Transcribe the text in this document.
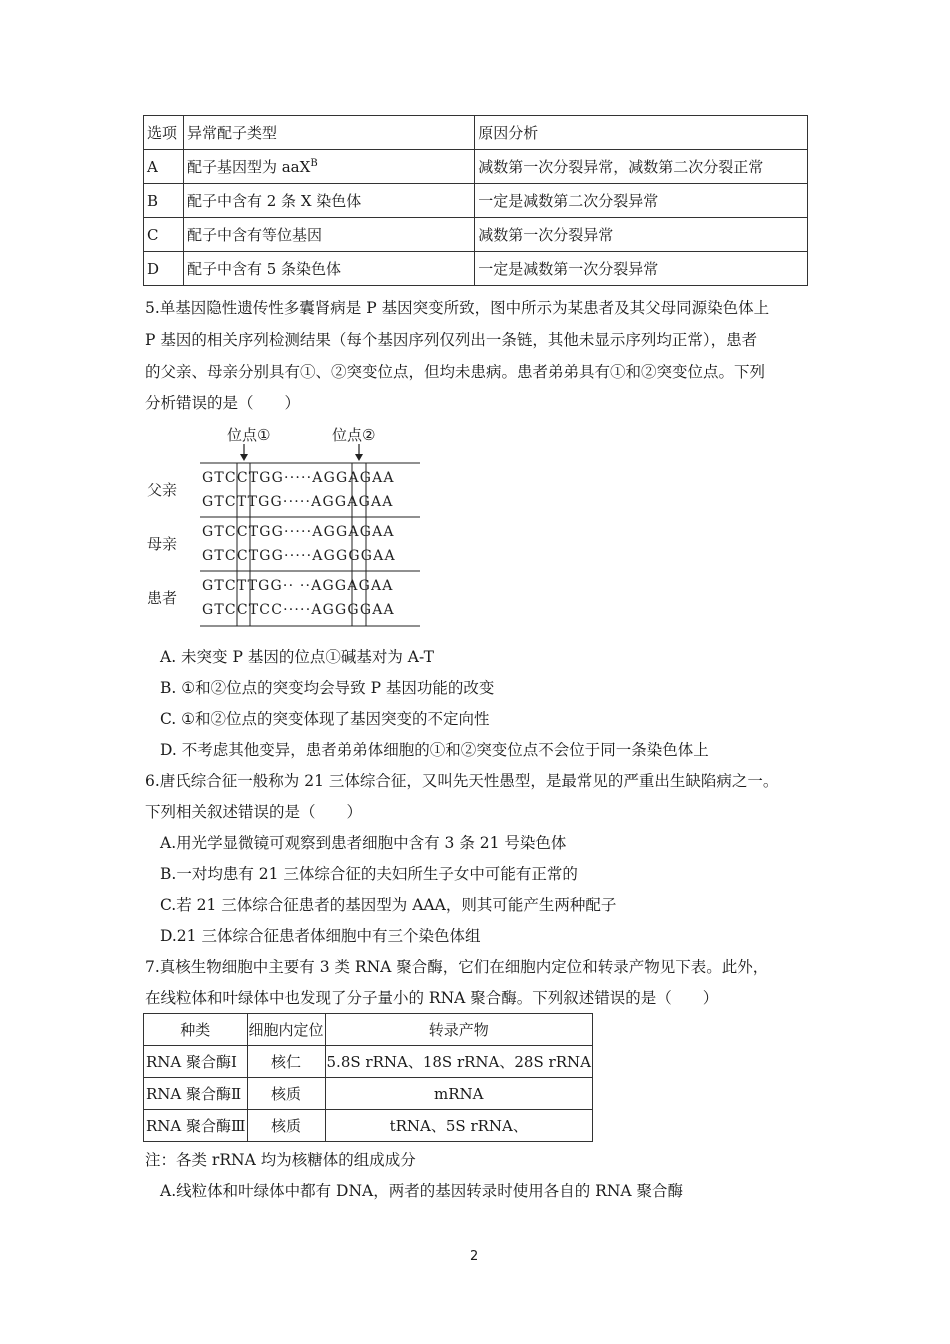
选项	异常配子类型	原因分析
A	配子基因型为 aaX$^B$	减数第一次分裂异常，减数第二次分裂正常
B	配子中含有 2 条 X 染色体	一定是减数第二次分裂异常
C	配子中含有等位基因	减数第一次分裂异常
D	配子中含有 5 条染色体	一定是减数第一次分裂异常
5.单基因隐性遗传性多囊肾病是 P 基因突变所致，图中所示为某患者及其父母同源染色体上
P 基因的相关序列检测结果（每个基因序列仅列出一条链，其他未显示序列均正常），患者
的父亲、母亲分别具有①、②突变位点，但均未患病。患者弟弟具有①和②突变位点。下列
分析错误的是（　　）
位点①	位点②
父亲
GTCCTGG·····AGGAGAA
GTCTTGG·····AGGAGAA
母亲
GTCCTGG·····AGGAGAA
GTCCTGG·····AGGGGAA
患者
GTCTTGG·· ··AGGAGAA
GTCCTCC·····AGGGGAA
A. 未突变 P 基因的位点①碱基对为 A-T
B. ①和②位点的突变均会导致 P 基因功能的改变
C. ①和②位点的突变体现了基因突变的不定向性
D. 不考虑其他变异，患者弟弟体细胞的①和②突变位点不会位于同一条染色体上
6.唐氏综合征一般称为 21 三体综合征，又叫先天性愚型，是最常见的严重出生缺陷病之一。
下列相关叙述错误的是（　　）
A.用光学显微镜可观察到患者细胞中含有 3 条 21 号染色体
B.一对均患有 21 三体综合征的夫妇所生子女中可能有正常的
C.若 21 三体综合征患者的基因型为 AAA，则其可能产生两种配子
D.21 三体综合征患者体细胞中有三个染色体组
7.真核生物细胞中主要有 3 类 RNA 聚合酶，它们在细胞内定位和转录产物见下表。此外，
在线粒体和叶绿体中也发现了分子量小的 RNA 聚合酶。下列叙述错误的是（　　）
种类	细胞内定位	转录产物
RNA 聚合酶Ⅰ	核仁	5.8S rRNA、18S rRNA、28S rRNA
RNA 聚合酶Ⅱ	核质	mRNA
RNA 聚合酶Ⅲ	核质	tRNA、5S rRNA、
注：各类 rRNA 均为核糖体的组成成分
A.线粒体和叶绿体中都有 DNA，两者的基因转录时使用各自的 RNA 聚合酶
2
